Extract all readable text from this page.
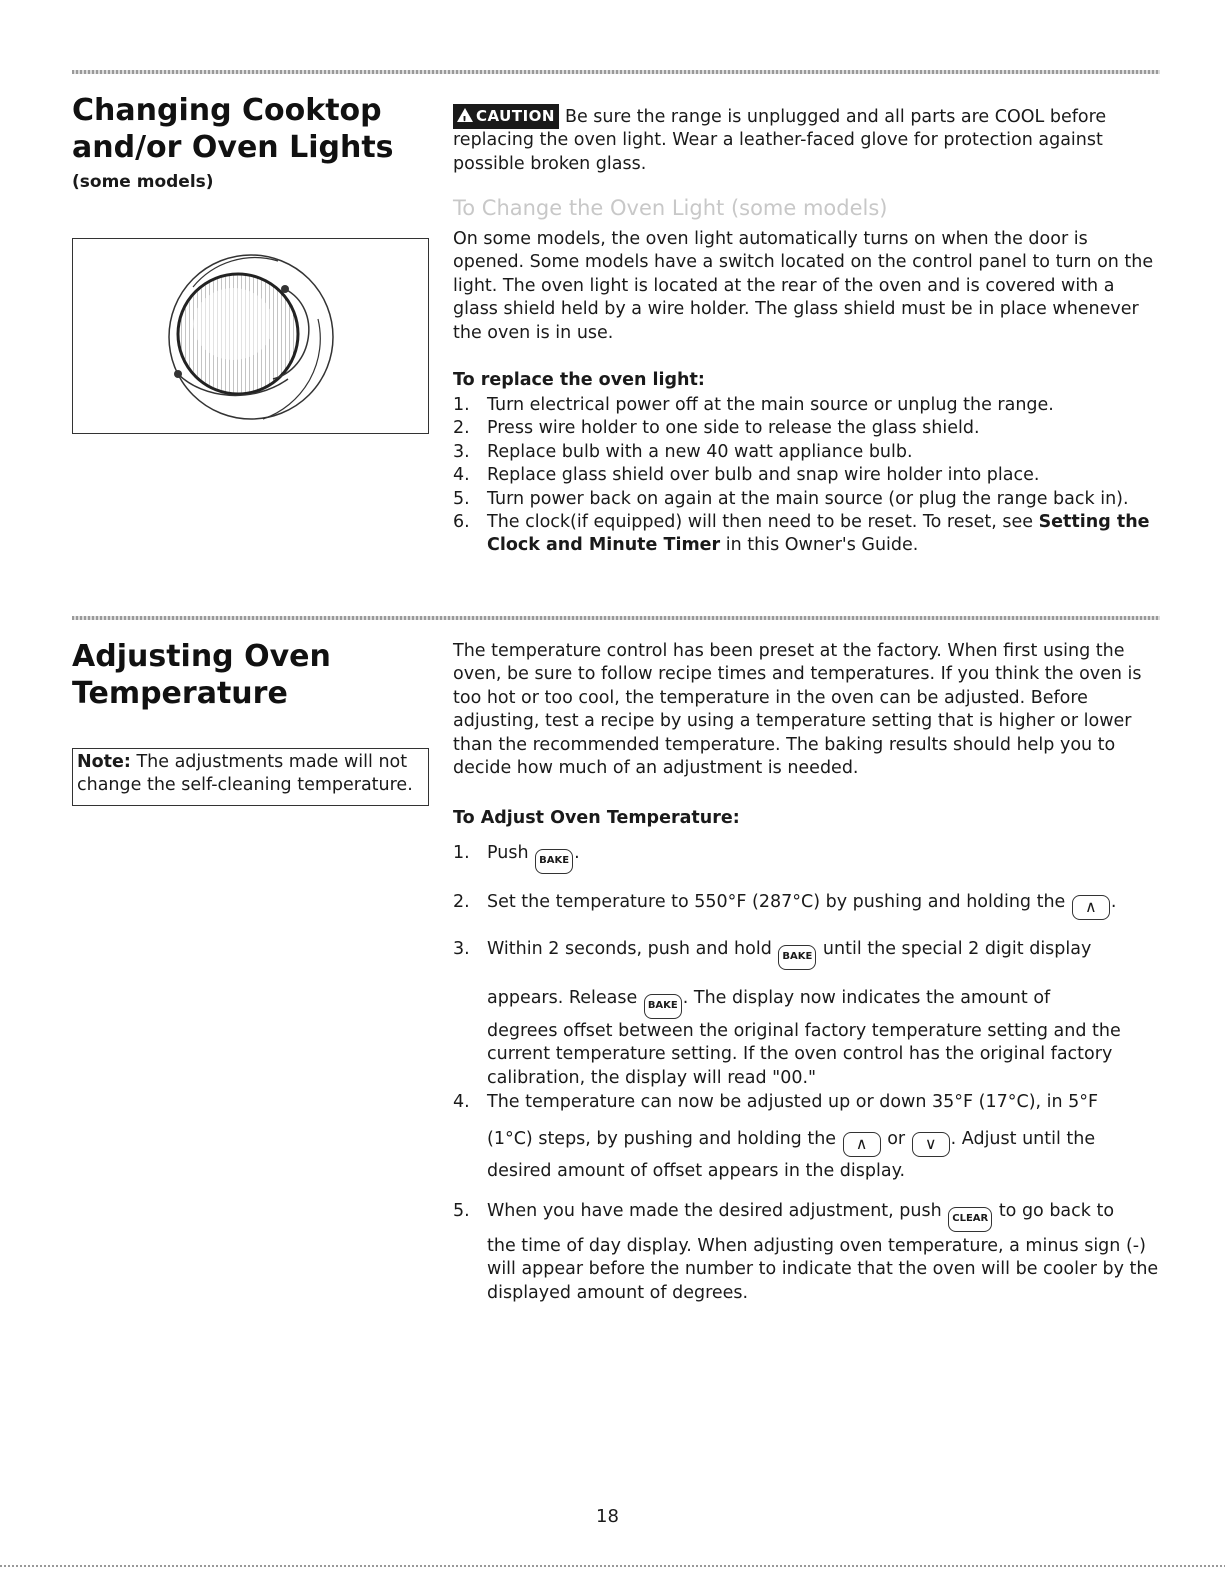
Changing Cooktop
and/or Oven Lights
(some models)
!CAUTION Be sure the range is unplugged and all parts are COOL before replacing the oven light. Wear a leather-faced glove for protection against possible broken glass.
To Change the Oven Light (some models)
On some models, the oven light automatically turns on when the door is opened. Some models have a switch located on the control panel to turn on the light. The oven light is located at the rear of the oven and is covered with a glass shield held by a wire holder. The glass shield must be in place whenever the oven is in use.
To replace the oven light:
1. Turn electrical power off at the main source or unplug the range.
2. Press wire holder to one side to release the glass shield.
3. Replace bulb with a new 40 watt appliance bulb.
4. Replace glass shield over bulb and snap wire holder into place.
5. Turn power back on again at the main source (or plug the range back in).
6. The clock(if equipped) will then need to be reset. To reset, see Setting the Clock and Minute Timer in this Owner's Guide.
Adjusting Oven
Temperature
Note: The adjustments made will not change the self-cleaning temperature.
The temperature control has been preset at the factory. When first using the oven, be sure to follow recipe times and temperatures. If you think the oven is too hot or too cool, the temperature in the oven can be adjusted. Before adjusting, test a recipe by using a temperature setting that is higher or lower than the recommended temperature. The baking results should help you to decide how much of an adjustment is needed.
To Adjust Oven Temperature:
1. Push BAKE .
2. Set the temperature to 550°F (287°C) by pushing and holding the ∧ .
3. Within 2 seconds, push and hold BAKE until the special 2 digit display
appears. Release BAKE . The display now indicates the amount of
degrees offset between the original factory temperature setting and the current temperature setting. If the oven control has the original factory calibration, the display will read "00."
4. The temperature can now be adjusted up or down 35°F (17°C), in 5°F
(1°C) steps, by pushing and holding the ∧ or ∨ . Adjust until the
desired amount of offset appears in the display.
5. When you have made the desired adjustment, push CLEAR to go back to
the time of day display. When adjusting oven temperature, a minus sign (-) will appear before the number to indicate that the oven will be cooler by the displayed amount of degrees.
18
